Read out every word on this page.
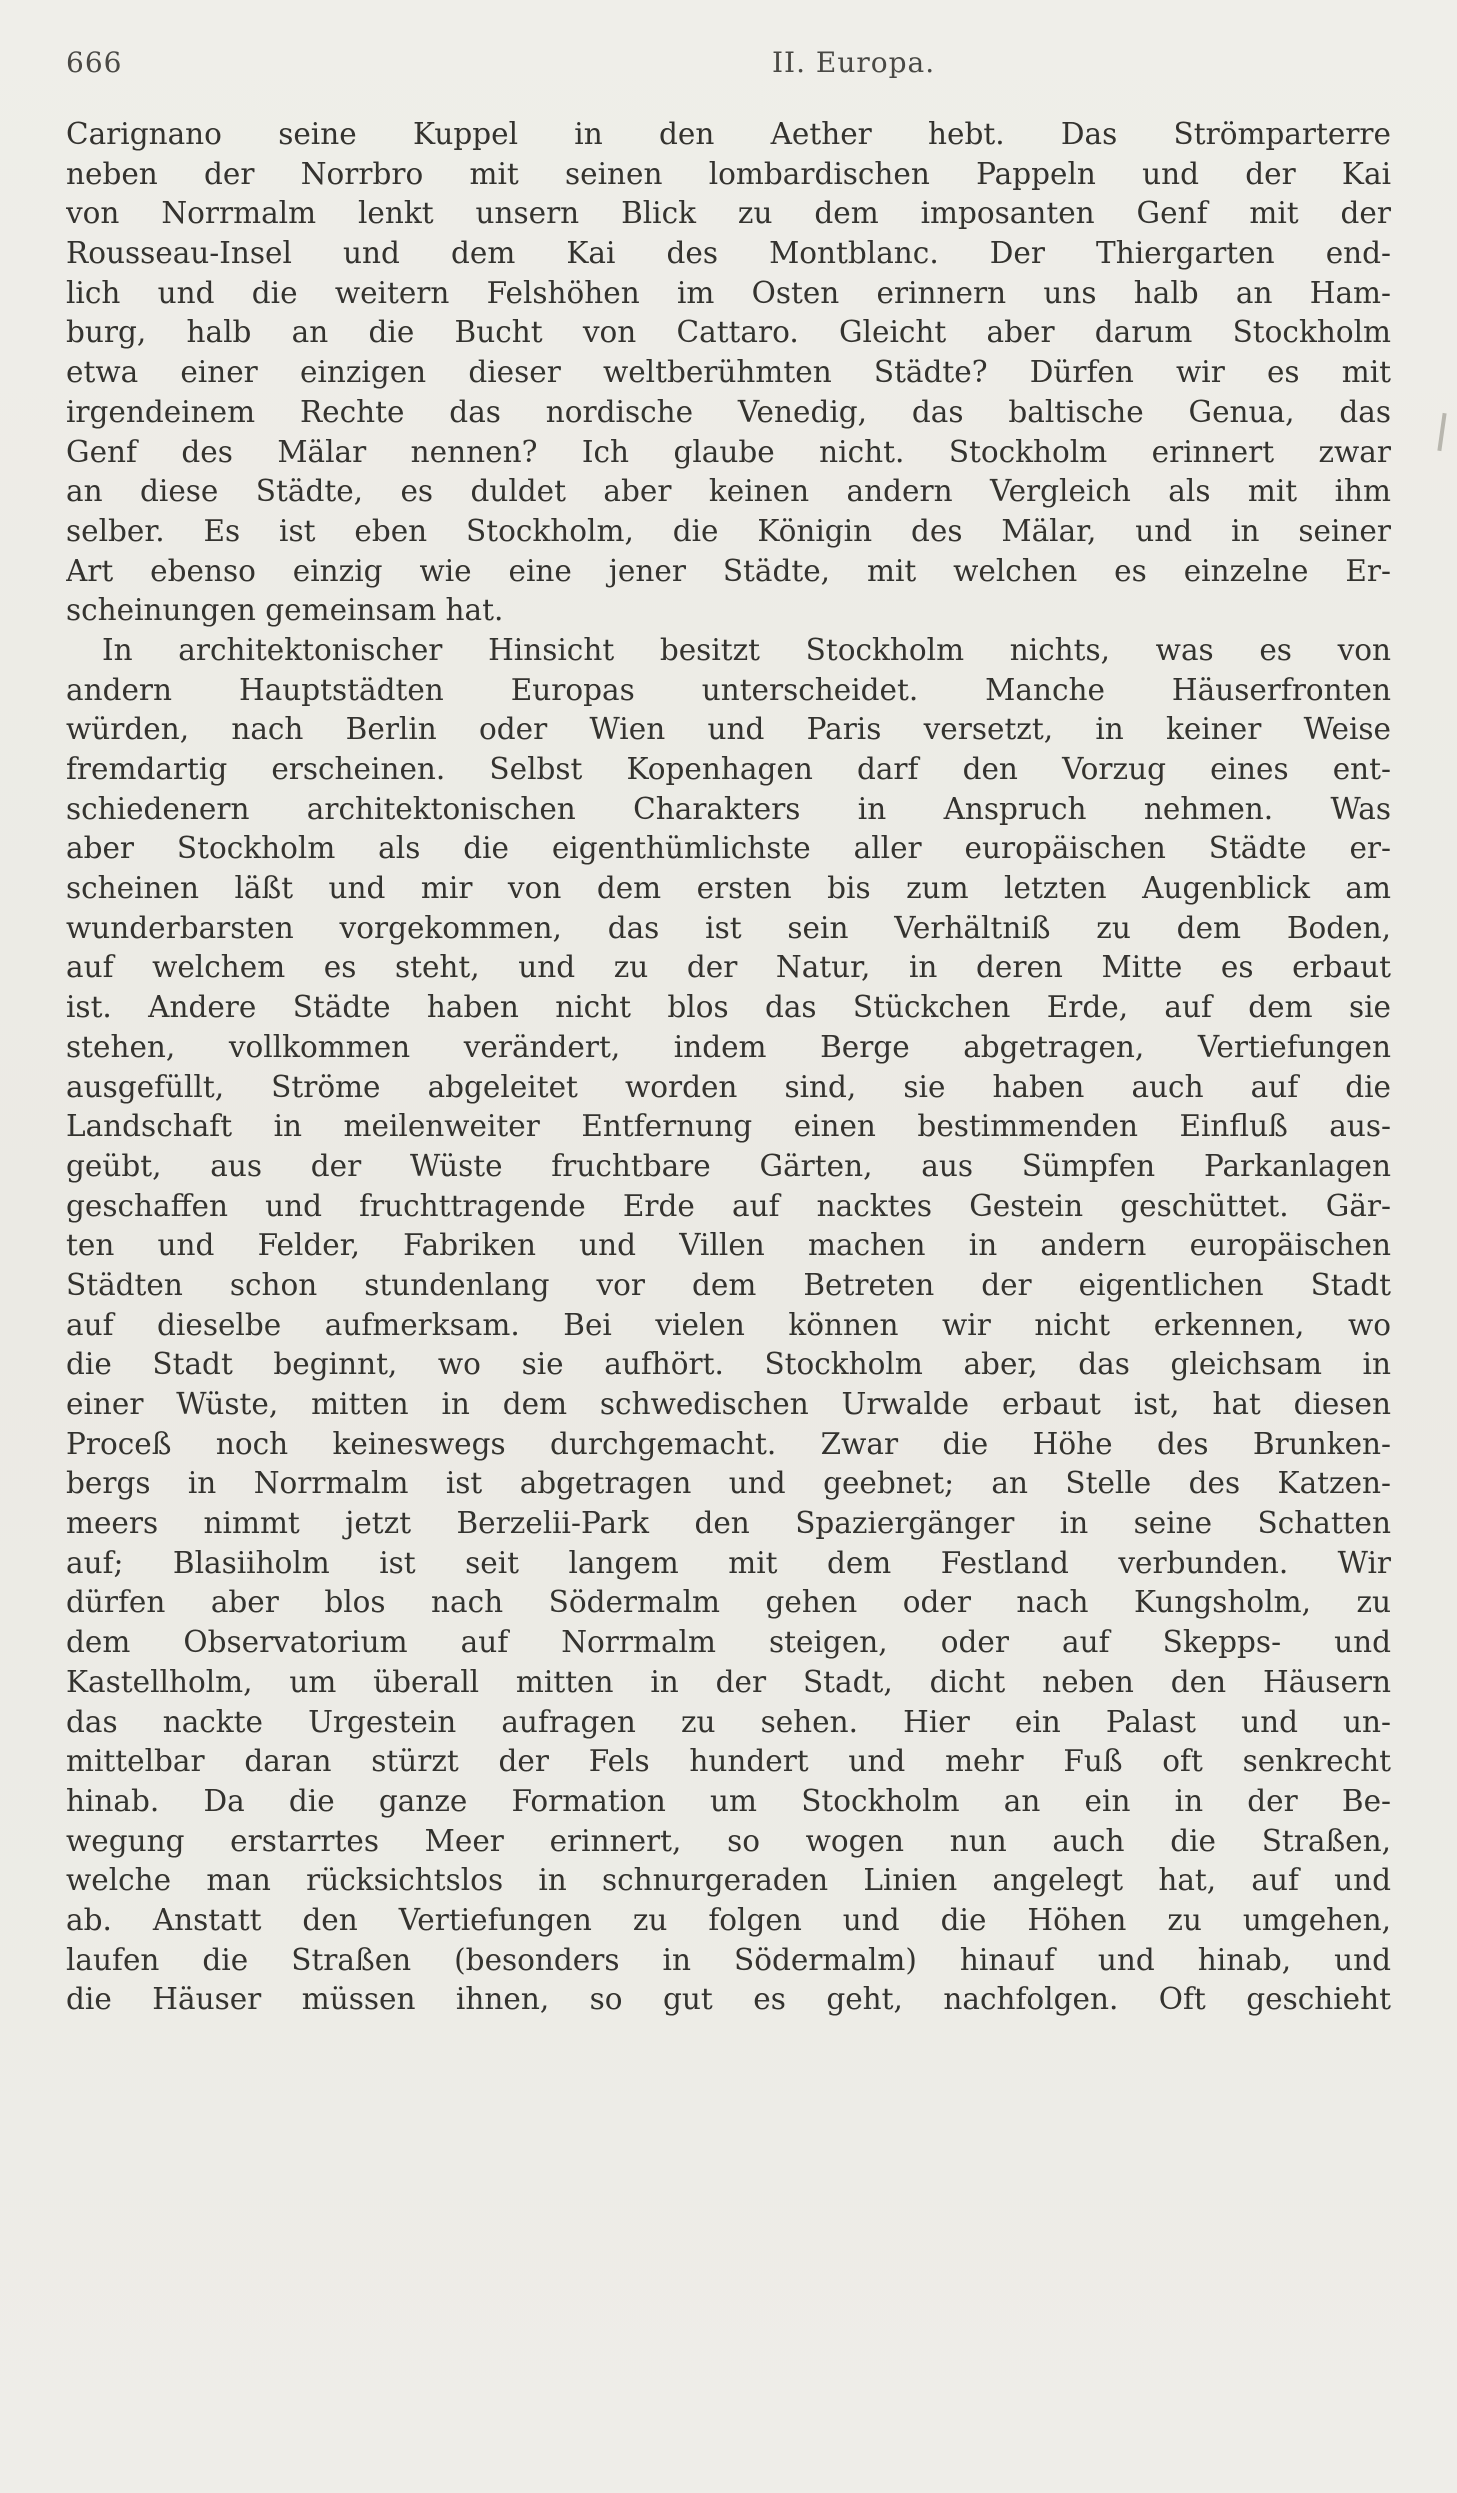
666	II. Europa.
Carignano seine Kuppel in den Aether hebt. Das Strömparterre
neben der Norrbro mit seinen lombardischen Pappeln und der Kai
von Norrmalm lenkt unsern Blick zu dem imposanten Genf mit der
Rousseau-Insel und dem Kai des Montblanc. Der Thiergarten end-
lich und die weitern Felshöhen im Osten erinnern uns halb an Ham-
burg, halb an die Bucht von Cattaro. Gleicht aber darum Stockholm
etwa einer einzigen dieser weltberühmten Städte? Dürfen wir es mit
irgendeinem Rechte das nordische Venedig, das baltische Genua, das
Genf des Mälar nennen? Ich glaube nicht. Stockholm erinnert zwar
an diese Städte, es duldet aber keinen andern Vergleich als mit ihm
selber. Es ist eben Stockholm, die Königin des Mälar, und in seiner
Art ebenso einzig wie eine jener Städte, mit welchen es einzelne Er-
scheinungen gemeinsam hat.
In architektonischer Hinsicht besitzt Stockholm nichts, was es von
andern Hauptstädten Europas unterscheidet. Manche Häuserfronten
würden, nach Berlin oder Wien und Paris versetzt, in keiner Weise
fremdartig erscheinen. Selbst Kopenhagen darf den Vorzug eines ent-
schiedenern architektonischen Charakters in Anspruch nehmen. Was
aber Stockholm als die eigenthümlichste aller europäischen Städte er-
scheinen läßt und mir von dem ersten bis zum letzten Augenblick am
wunderbarsten vorgekommen, das ist sein Verhältniß zu dem Boden,
auf welchem es steht, und zu der Natur, in deren Mitte es erbaut
ist. Andere Städte haben nicht blos das Stückchen Erde, auf dem sie
stehen, vollkommen verändert, indem Berge abgetragen, Vertiefungen
ausgefüllt, Ströme abgeleitet worden sind, sie haben auch auf die
Landschaft in meilenweiter Entfernung einen bestimmenden Einfluß aus-
geübt, aus der Wüste fruchtbare Gärten, aus Sümpfen Parkanlagen
geschaffen und fruchttragende Erde auf nacktes Gestein geschüttet. Gär-
ten und Felder, Fabriken und Villen machen in andern europäischen
Städten schon stundenlang vor dem Betreten der eigentlichen Stadt
auf dieselbe aufmerksam. Bei vielen können wir nicht erkennen, wo
die Stadt beginnt, wo sie aufhört. Stockholm aber, das gleichsam in
einer Wüste, mitten in dem schwedischen Urwalde erbaut ist, hat diesen
Proceß noch keineswegs durchgemacht. Zwar die Höhe des Brunken-
bergs in Norrmalm ist abgetragen und geebnet; an Stelle des Katzen-
meers nimmt jetzt Berzelii-Park den Spaziergänger in seine Schatten
auf; Blasiiholm ist seit langem mit dem Festland verbunden. Wir
dürfen aber blos nach Södermalm gehen oder nach Kungsholm, zu
dem Observatorium auf Norrmalm steigen, oder auf Skepps- und
Kastellholm, um überall mitten in der Stadt, dicht neben den Häusern
das nackte Urgestein aufragen zu sehen. Hier ein Palast und un-
mittelbar daran stürzt der Fels hundert und mehr Fuß oft senkrecht
hinab. Da die ganze Formation um Stockholm an ein in der Be-
wegung erstarrtes Meer erinnert, so wogen nun auch die Straßen,
welche man rücksichtslos in schnurgeraden Linien angelegt hat, auf und
ab. Anstatt den Vertiefungen zu folgen und die Höhen zu umgehen,
laufen die Straßen (besonders in Södermalm) hinauf und hinab, und
die Häuser müssen ihnen, so gut es geht, nachfolgen. Oft geschieht
